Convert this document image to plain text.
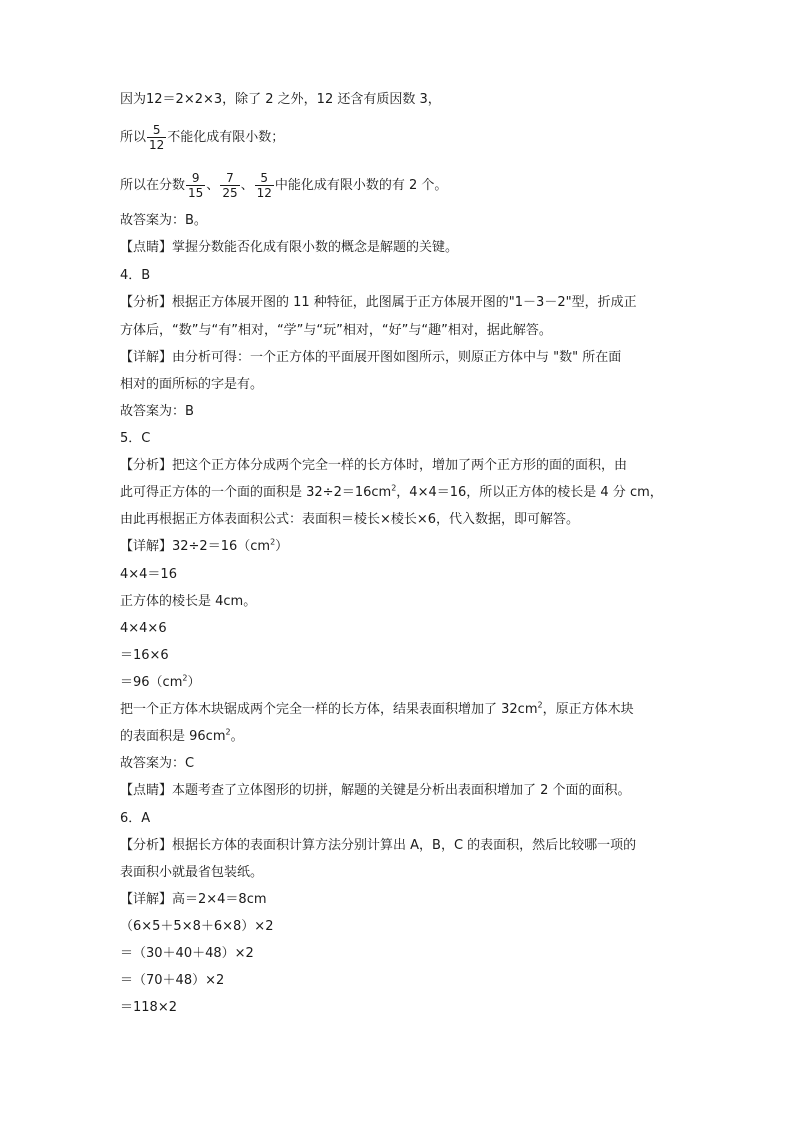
因为12＝2×2×3，除了 2 之外，12 还含有质因数 3，
所以 $\frac{5}{12}$ 不能化成有限小数；
所以在分数 $\frac{9}{15}$ 、 $\frac{7}{25}$ 、 $\frac{5}{12}$ 中能化成有限小数的有 2 个。
故答案为：B。
【点睛】掌握分数能否化成有限小数的概念是解题的关键。
4．B
【分析】根据正方体展开图的 11 种特征，此图属于正方体展开图的"1－3－2"型，折成正
方体后，“数”与“有”相对，“学”与“玩”相对，“好”与“趣”相对，据此解答。
【详解】由分析可得：一个正方体的平面展开图如图所示，则原正方体中与 "数" 所在面
相对的面所标的字是有。
故答案为：B
5．C
【分析】把这个正方体分成两个完全一样的长方体时，增加了两个正方形的面的面积，由
此可得正方体的一个面的面积是 $32\div 2=16cm^2$，4×4＝16，所以正方体的棱长是 4 分 cm，
由此再根据正方体表面积公式：表面积＝棱长×棱长×6，代入数据，即可解答。
【详解】$32\div 2=16(cm^2)$
4×4＝16
正方体的棱长是 4cm。
4×4×6
＝16×6
$=96(cm^2)$
把一个正方体木块锯成两个完全一样的长方体，结果表面积增加了 $32cm^2$，原正方体木块
的表面积是 $96cm^2$。
故答案为：C
【点睛】本题考查了立体图形的切拼，解题的关键是分析出表面积增加了 2 个面的面积。
6．A
【分析】根据长方体的表面积计算方法分别计算出 A，B，C 的表面积，然后比较哪一项的
表面积小就最省包装纸。
【详解】高＝2×4＝8cm
（6×5＋5×8＋6×8）×2
＝（30＋40＋48）×2
＝（70＋48）×2
＝118×2
